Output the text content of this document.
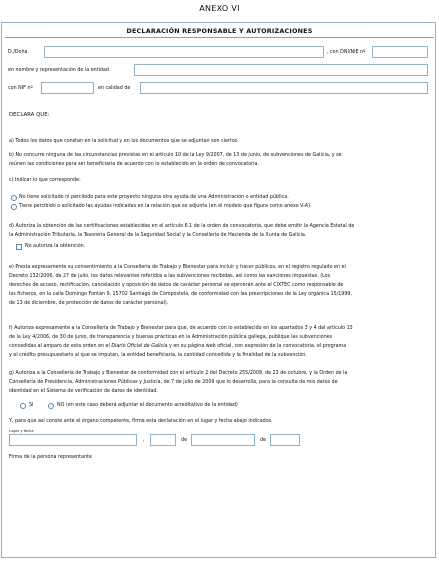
ANEXO VI
DECLARACIÓN RESPONSABLE Y AUTORIZACIONES
D./Doña	, con DNI/NIE nº
en nombre y representación de la entidad
con NIF nº	en calidad de
DECLARA QUE:
a) Todos los datos que constan en la solicitud y en los documentos que se adjuntan son ciertos.
b) No concurre ninguna de las circunstancias previstas en el artículo 10 de la Ley 9/2007, de 13 de junio, de subvenciones de Galicia, y se
reúnen las condiciones para ser beneficiaria de acuerdo con lo establecido en la orden de convocatoria.
c) Indicar lo que corresponde:
No tiene solicitado ni percibido para este proyecto ninguna otra ayuda de una Administración o entidad pública.
Tiene percibido o solicitado las ayudas indicadas en la relación que se adjunta (en el modelo que figura como anexo V-A).
d) Autoriza la obtención de las certificaciones establecidas en el artículo 6.1 de la orden de convocatoria, que debe emitir la Agencia Estatal de
la Administración Tributaria, la Tesorería General de la Seguridad Social y la Consellería de Hacienda de la Xunta de Galicia.
No autoriza la obtención.
e) Presta expresamente su consentimiento a la Consellería de Trabajo y Bienestar para incluir y hacer públicos, en el registro regulado en el
Decreto 132/2006, de 27 de julio, los datos relevantes referidos a las subvenciones recibidas, así como las sanciones impuestas. (Los
derechos de acceso, rectificación, cancelación y oposición de datos de carácter personal se ejercerán ante el CIXTEC como responsable de
los ficheros, en la calle Domingo Fontán 9, 15702 Santiago de Compostela, de conformidad con las prescripciones de la Ley orgánica 15/1999,
de 13 de diciembre, de protección de datos de carácter personal).
f) Autoriza expresamente a la Consellería de Trabajo y Bienestar para que, de acuerdo con lo establecido en los apartados 3 y 4 del artículo 13
de la Ley 4/2006, de 30 de junio, de transparencia y buenas prácticas en la Administración pública gallega, publique las subvenciones
concedidas al amparo de esta orden en el Diario Oficial de Galicia y en su página web oficial, con expresión de la convocatoria, el programa
y el crédito presupuestario al que se imputan, la entidad beneficiaria, la cantidad concedida y la finalidad de la subvención.
g) Autoriza a la Consellería de Trabajo y Bienestar de conformidad con el artículo 2 del Decreto 255/2008, de 23 de octubre, y la Orden de la
Consellería de Presidencia, Administraciones Públicas y Justicia, de 7 de julio de 2009 que lo desarrolla, para la consulta de mis datos de
identidad en el Sistema de verificación de datos de identidad.
SI	NO (en este caso deberá adjuntar el documento acreditativo de la entidad)
Y, para que así conste ante el órgano competente, firma esta declaración en el lugar y fecha abajo indicados.
Lugar y fecha
,	de	de
Firma de la persona representante
